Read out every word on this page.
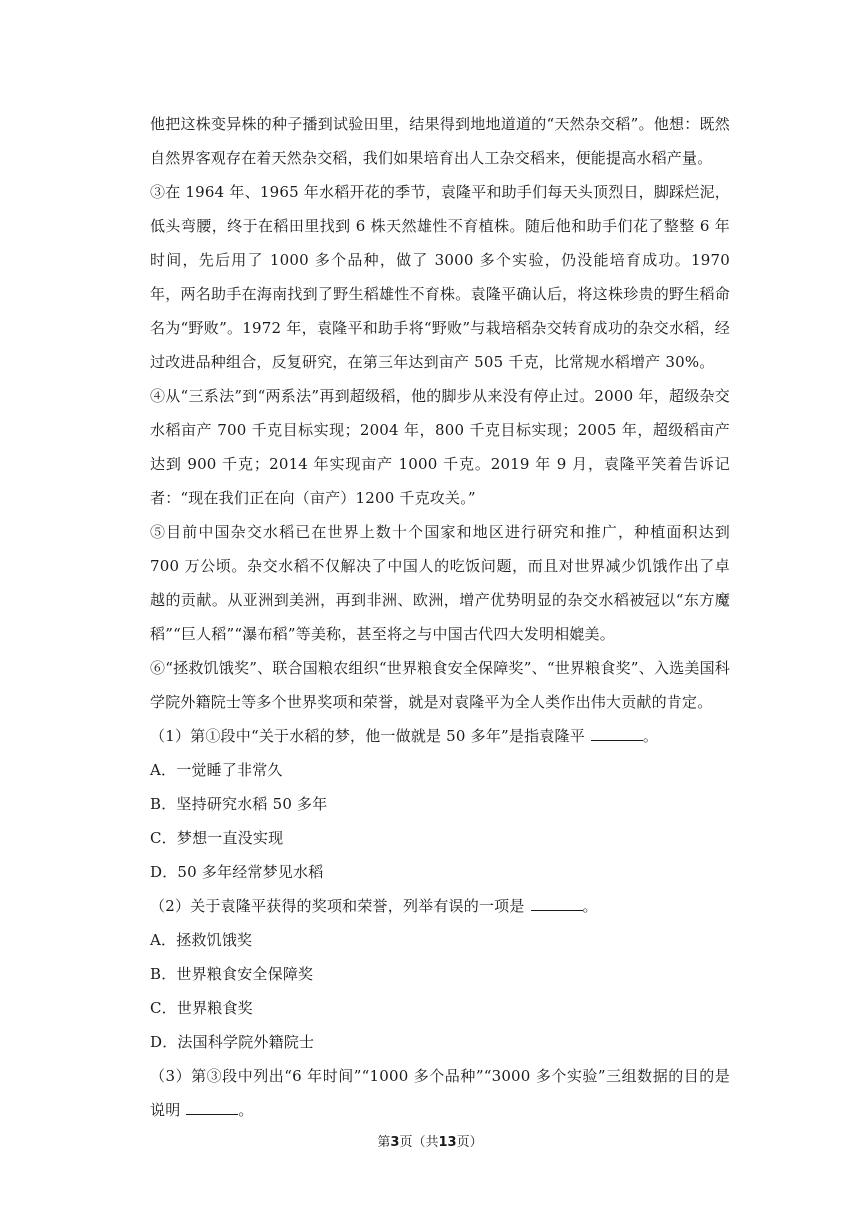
他把这株变异株的种子播到试验田里，结果得到地地道道的“天然杂交稻”。他想：既然自然界客观存在着天然杂交稻，我们如果培育出人工杂交稻来，便能提高水稻产量。

③在 1964 年、1965 年水稻开花的季节，袁隆平和助手们每天头顶烈日，脚踩烂泥，低头弯腰，终于在稻田里找到 6 株天然雄性不育植株。随后他和助手们花了整整 6 年时间，先后用了 1000 多个品种，做了 3000 多个实验，仍没能培育成功。1970 年，两名助手在海南找到了野生稻雄性不育株。袁隆平确认后，将这株珍贵的野生稻命名为“野败”。1972 年，袁隆平和助手将“野败”与栽培稻杂交转育成功的杂交水稻，经过改进品种组合，反复研究，在第三年达到亩产 505 千克，比常规水稻增产 30%。

④从“三系法”到“两系法”再到超级稻，他的脚步从来没有停止过。2000 年，超级杂交水稻亩产 700 千克目标实现；2004 年，800 千克目标实现；2005 年，超级稻亩产达到 900 千克；2014 年实现亩产 1000 千克。2019 年 9 月，袁隆平笑着告诉记者：“现在我们正在向（亩产）1200 千克攻关。”

⑤目前中国杂交水稻已在世界上数十个国家和地区进行研究和推广，种植面积达到 700 万公顷。杂交水稻不仅解决了中国人的吃饭问题，而且对世界减少饥饿作出了卓越的贡献。从亚洲到美洲，再到非洲、欧洲，增产优势明显的杂交水稻被冠以“东方魔稻”“巨人稻”“瀑布稻”等美称，甚至将之与中国古代四大发明相媲美。

⑥“拯救饥饿奖”、联合国粮农组织“世界粮食安全保障奖”、“世界粮食奖”、入选美国科学院外籍院士等多个世界奖项和荣誉，就是对袁隆平为全人类作出伟大贡献的肯定。

（1）第①段中“关于水稻的梦，他一做就是 50 多年”是指袁隆平	。

A．一觉睡了非常久

B．坚持研究水稻 50 多年

C．梦想一直没实现

D．50 多年经常梦见水稻

（2）关于袁隆平获得的奖项和荣誉，列举有误的一项是	。

A．拯救饥饿奖

B．世界粮食安全保障奖

C．世界粮食奖

D．法国科学院外籍院士

（3）第③段中列出“6 年时间”“1000 多个品种”“3000 多个实验”三组数据的目的是说明	。

第3页（共13页）
